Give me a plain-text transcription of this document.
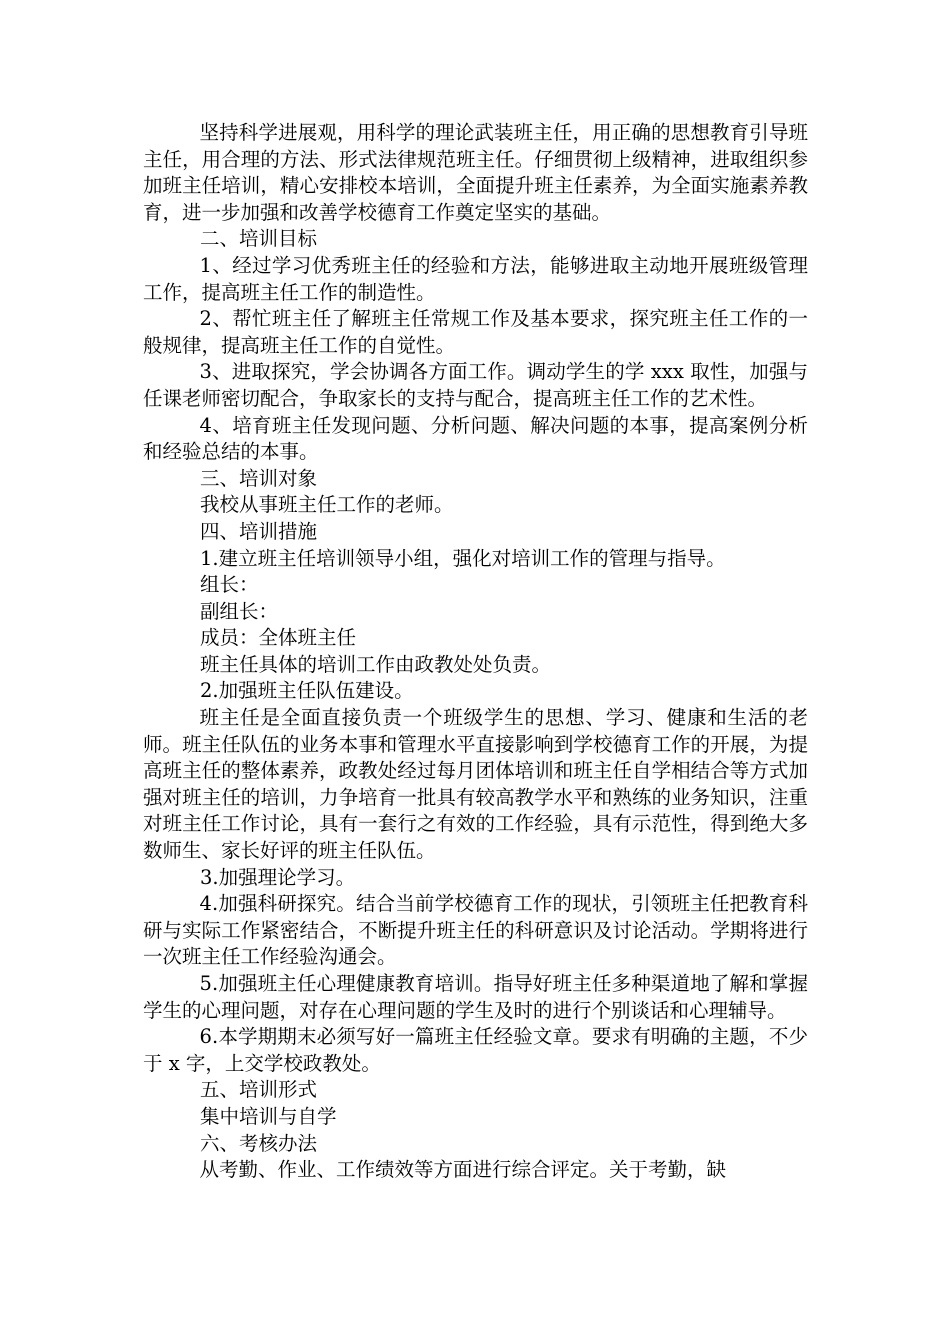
坚持科学进展观，用科学的理论武装班主任，用正确的思想教育引导班主任，用合理的方法、形式法律规范班主任。仔细贯彻上级精神，进取组织参加班主任培训，精心安排校本培训，全面提升班主任素养，为全面实施素养教育，进一步加强和改善学校德育工作奠定坚实的基础。

二、培训目标

1、经过学习优秀班主任的经验和方法，能够进取主动地开展班级管理工作，提高班主任工作的制造性。

2、帮忙班主任了解班主任常规工作及基本要求，探究班主任工作的一般规律，提高班主任工作的自觉性。

3、进取探究，学会协调各方面工作。调动学生的学 xxx 取性，加强与任课老师密切配合，争取家长的支持与配合，提高班主任工作的艺术性。

4、培育班主任发现问题、分析问题、解决问题的本事，提高案例分析和经验总结的本事。

三、培训对象

我校从事班主任工作的老师。

四、培训措施

1.建立班主任培训领导小组，强化对培训工作的管理与指导。

组长：

副组长：

成员：全体班主任

班主任具体的培训工作由政教处处负责。

2.加强班主任队伍建设。

班主任是全面直接负责一个班级学生的思想、学习、健康和生活的老师。班主任队伍的业务本事和管理水平直接影响到学校德育工作的开展，为提高班主任的整体素养，政教处经过每月团体培训和班主任自学相结合等方式加强对班主任的培训，力争培育一批具有较高教学水平和熟练的业务知识，注重对班主任工作讨论，具有一套行之有效的工作经验，具有示范性，得到绝大多数师生、家长好评的班主任队伍。

3.加强理论学习。

4.加强科研探究。结合当前学校德育工作的现状，引领班主任把教育科研与实际工作紧密结合，不断提升班主任的科研意识及讨论活动。学期将进行一次班主任工作经验沟通会。

5.加强班主任心理健康教育培训。指导好班主任多种渠道地了解和掌握学生的心理问题，对存在心理问题的学生及时的进行个别谈话和心理辅导。

6.本学期期末必须写好一篇班主任经验文章。要求有明确的主题，不少于 x 字，上交学校政教处。

五、培训形式

集中培训与自学

六、考核办法

从考勤、作业、工作绩效等方面进行综合评定。关于考勤，缺
